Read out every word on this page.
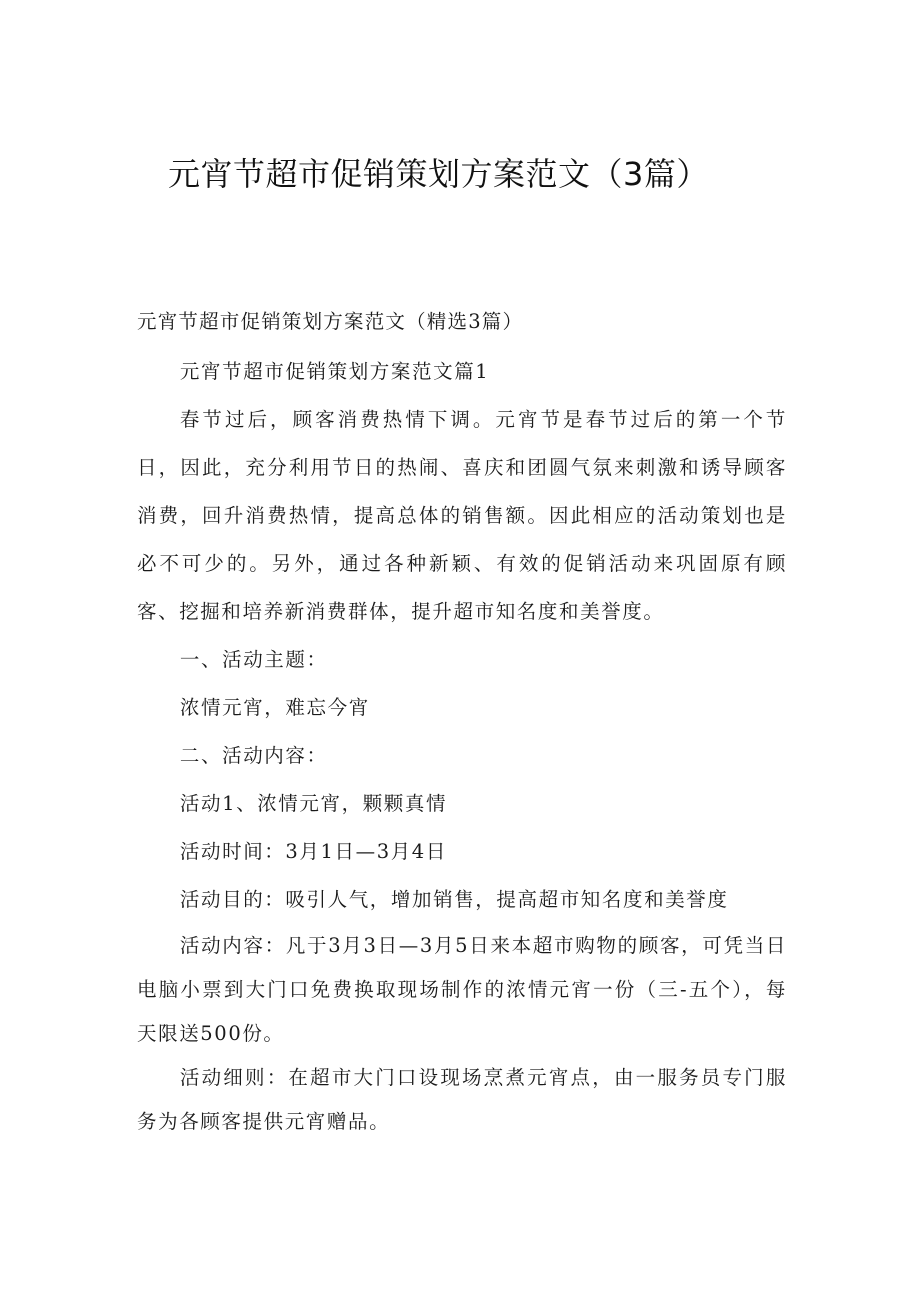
元宵节超市促销策划方案范文（3篇）

元宵节超市促销策划方案范文（精选3篇）

元宵节超市促销策划方案范文篇1

春节过后，顾客消费热情下调。元宵节是春节过后的第一个节日，因此，充分利用节日的热闹、喜庆和团圆气氛来刺激和诱导顾客消费，回升消费热情，提高总体的销售额。因此相应的活动策划也是必不可少的。另外，通过各种新颖、有效的促销活动来巩固原有顾客、挖掘和培养新消费群体，提升超市知名度和美誉度。

一、活动主题：

浓情元宵，难忘今宵

二、活动内容：

活动1、浓情元宵，颗颗真情

活动时间：3月1日—3月4日

活动目的：吸引人气，增加销售，提高超市知名度和美誉度

活动内容：凡于3月3日—3月5日来本超市购物的顾客，可凭当日电脑小票到大门口免费换取现场制作的浓情元宵一份（三-五个），每天限送500份。

活动细则：在超市大门口设现场烹煮元宵点，由一服务员专门服务为各顾客提供元宵赠品。
